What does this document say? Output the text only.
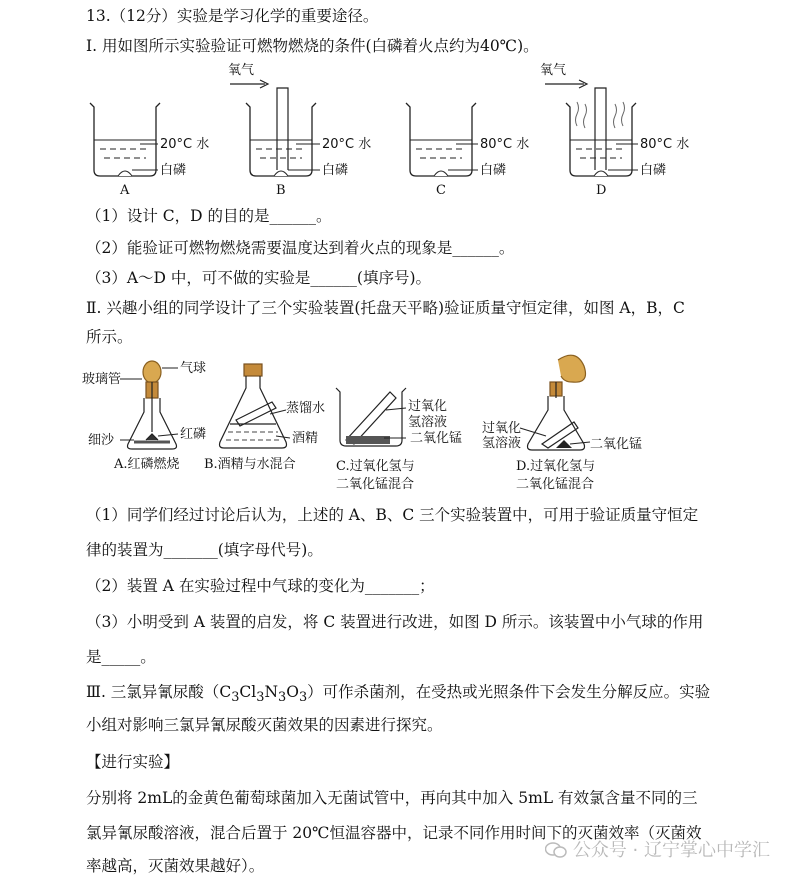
13.（12分）实验是学习化学的重要途径。
Ⅰ. 用如图所示实验验证可燃物燃烧的条件(白磷着火点约为40℃)。
氧气	氧气
20°C 水
白磷
20°C 水
白磷
80°C 水
白磷
80°C 水
白磷
A	B	C	D
（1）设计 C，D 的目的是______。
（2）能验证可燃物燃烧需要温度达到着火点的现象是______。
（3）A～D 中，可不做的实验是______(填序号)。
Ⅱ. 兴趣小组的同学设计了三个实验装置(托盘天平略)验证质量守恒定律，如图 A，B，C
所示。
玻璃管
气球
细沙	红磷
A.红磷燃烧
蒸馏水
酒精
B.酒精与水混合
过氧化
氢溶液
二氧化锰
C.过氧化氢与
二氧化锰混合
过氧化
氢溶液	二氧化锰
D.过氧化氢与
二氧化锰混合
（1）同学们经过讨论后认为，上述的 A、B、C 三个实验装置中，可用于验证质量守恒定
律的装置为_______(填字母代号)。
（2）装置 A 在实验过程中气球的变化为_______；
（3）小明受到 A 装置的启发，将 C 装置进行改进，如图 D 所示。该装置中小气球的作用
是_____。
Ⅲ. 三氯异氰尿酸$(C_3Cl_3N_3O_3)$可作杀菌剂，在受热或光照条件下会发生分解反应。实验
小组对影响三氯异氰尿酸灭菌效果的因素进行探究。
【进行实验】
分别将 2mL的金黄色葡萄球菌加入无菌试管中，再向其中加入 5mL 有效氯含量不同的三
氯异氰尿酸溶液，混合后置于 20℃恒温容器中，记录不同作用时间下的灭菌效率（灭菌效
率越高，灭菌效果越好）。
公众号 · 辽宁掌心中学汇
